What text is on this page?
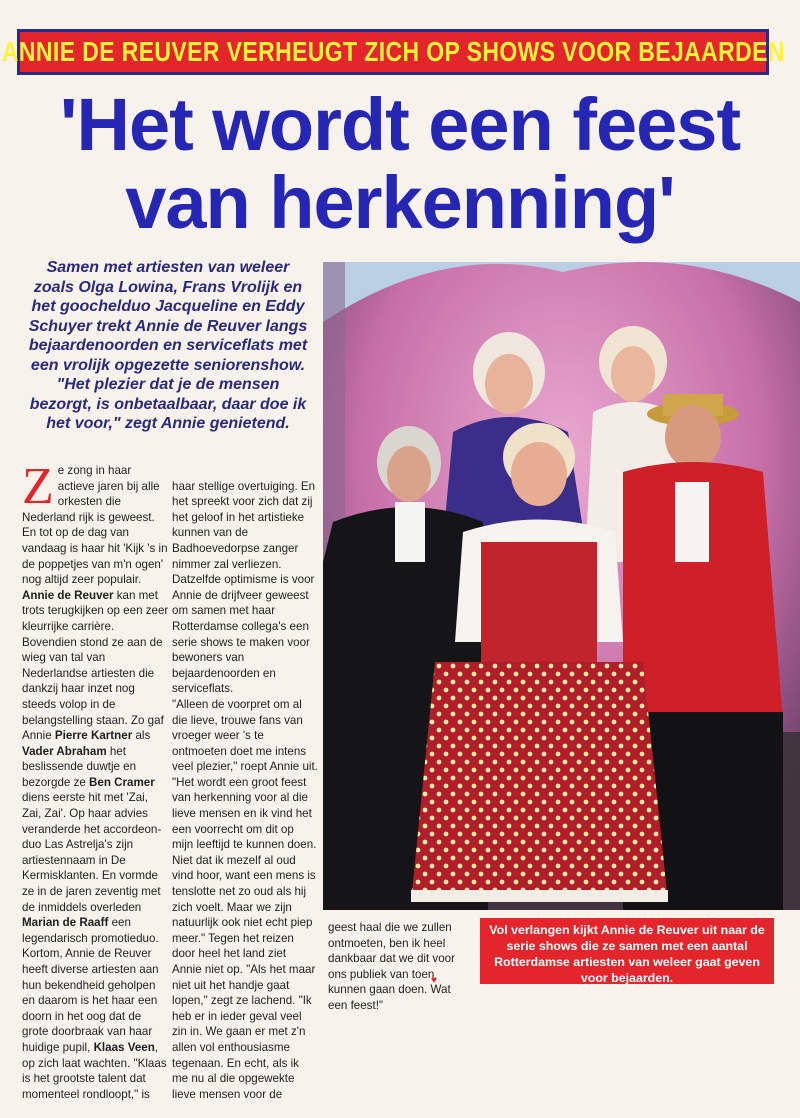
ANNIE DE REUVER VERHEUGT ZICH OP SHOWS VOOR BEJAARDEN
'Het wordt een feest
van herkenning'
Samen met artiesten van weleer zoals Olga Lowina, Frans Vrolijk en het goochelduo Jacqueline en Eddy Schuyer trekt Annie de Reuver langs bejaardenoorden en serviceflats met een vrolijk opgezette seniorenshow. "Het plezier dat je de mensen bezorgt, is onbetaalbaar, daar doe ik het voor," zegt Annie genietend.

Ze zong in haar actieve jaren bij alle orkesten die Nederland rijk is geweest. En tot op de dag van vandaag is haar hit 'Kijk 's in de poppetjes van m'n ogen' nog altijd zeer populair. Annie de Reuver kan met trots terugkijken op een zeer kleurrijke carrière. Bovendien stond ze aan de wieg van tal van Nederlandse artiesten die dankzij haar inzet nog steeds volop in de belangstelling staan. Zo gaf Annie Pierre Kartner als Vader Abraham het beslissende duwtje en bezorgde ze Ben Cramer diens eerste hit met 'Zai, Zai, Zai'. Op haar advies veranderde het accordeon-duo Las Astrelja's zijn artiestennaam in De Kermisklanten. En vormde ze in de jaren zeventig met de inmiddels overleden Marian de Raaff een legendarisch promotieduo. Kortom, Annie de Reuver heeft diverse artiesten aan hun bekendheid geholpen en daarom is het haar een doorn in het oog dat de grote doorbraak van haar huidige pupil, Klaas Veen, op zich laat wachten. "Klaas is het grootste talent dat momenteel rondloopt," is

haar stellige overtuiging. En het spreekt voor zich dat zij het geloof in het artistieke kunnen van de Badhoevedorpse zanger nimmer zal verliezen.
Datzelfde optimisme is voor Annie de drijfveer geweest om samen met haar Rotterdamse collega's een serie shows te maken voor bewoners van bejaardenoorden en serviceflats.
"Alleen de voorpret om al die lieve, trouwe fans van vroeger weer 's te ontmoeten doet me intens veel plezier," roept Annie uit. "Het wordt een groot feest van herkenning voor al die lieve mensen en ik vind het een voorrecht om dit op mijn leeftijd te kunnen doen. Niet dat ik mezelf al oud vind hoor, want een mens is tenslotte net zo oud als hij zich voelt. Maar we zijn natuurlijk ook niet echt piep meer." Tegen het reizen door heel het land ziet Annie niet op. "Als het maar niet uit het handje gaat lopen," zegt ze lachend. "Ik heb er in ieder geval veel zin in. We gaan er met z'n allen vol enthousiasme tegenaan. En echt, als ik me nu al die opgewekte lieve mensen voor de

geest haal die we zullen ontmoeten, ben ik heel dankbaar dat we dit voor ons publiek van toen kunnen gaan doen. Wat een feest!"

♥
Vol verlangen kijkt Annie de Reuver uit naar de serie shows die ze samen met een aantal Rotterdamse artiesten van weleer gaat geven voor bejaarden.
